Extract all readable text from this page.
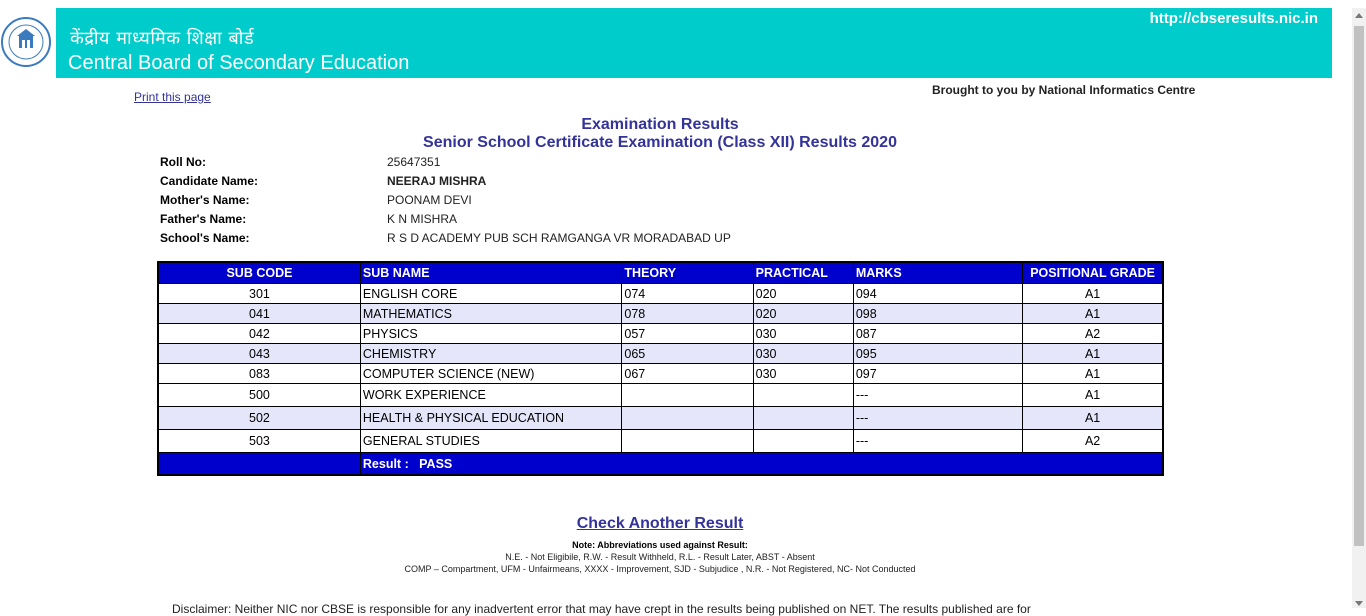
केंद्रीय माध्यमिक शिक्षा बोर्ड
Central Board of Secondary Education
http://cbseresults.nic.in
Print this page	Brought to you by National Informatics Centre
Examination Results
Senior School Certificate Examination (Class XII) Results 2020
Roll No:	25647351
Candidate Name:	NEERAJ MISHRA
Mother's Name:	POONAM DEVI
Father's Name:	K N MISHRA
School's Name:	R S D ACADEMY PUB SCH RAMGANGA VR MORADABAD UP
SUB CODE	SUB NAME	THEORY	PRACTICAL	MARKS	POSITIONAL GRADE
301	ENGLISH CORE	074	020	094	A1
041	MATHEMATICS	078	020	098	A1
042	PHYSICS	057	030	087	A2
043	CHEMISTRY	065	030	095	A1
083	COMPUTER SCIENCE (NEW)	067	030	097	A1
500	WORK EXPERIENCE			---	A1
502	HEALTH & PHYSICAL EDUCATION			---	A1
503	GENERAL STUDIES			---	A2
	Result :   PASS				
Check Another Result
Note: Abbreviations used against Result:
N.E. - Not Eligibile, R.W. - Result Withheld, R.L. - Result Later, ABST - Absent
COMP – Compartment, UFM - Unfairmeans, XXXX - Improvement, SJD - Subjudice , N.R. - Not Registered, NC- Not Conducted
Disclaimer: Neither NIC nor CBSE is responsible for any inadvertent error that may have crept in the results being published on NET. The results published are for
